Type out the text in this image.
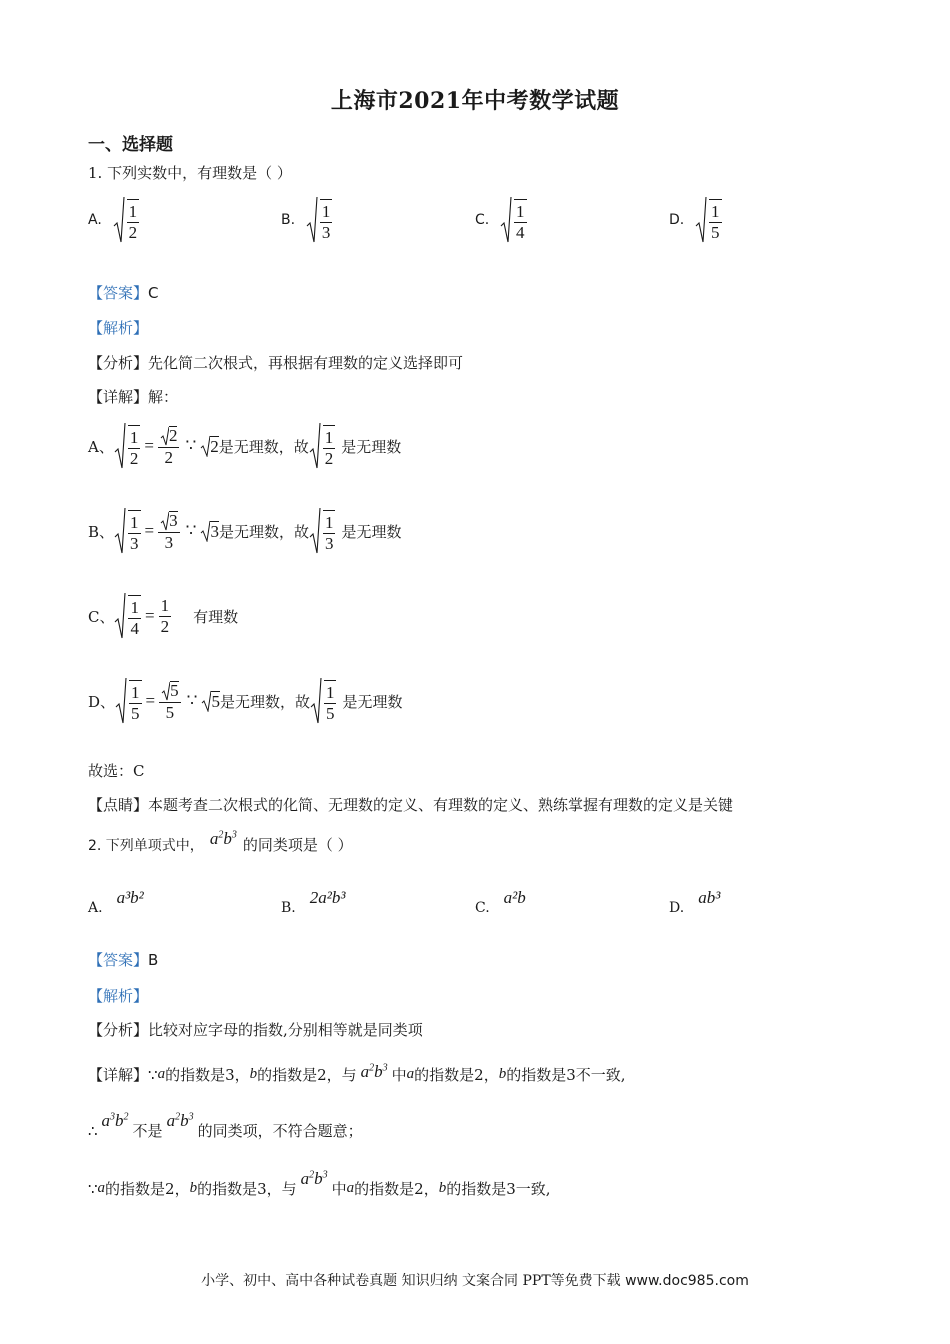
上海市2021年中考数学试题
一、选择题
1. 下列实数中，有理数是（ ）
A. $\frac{1}{2}$	B. $\frac{1}{3}$	C. $\frac{1}{4}$	D. $\frac{1}{5}$
【答案】C
【解析】
【分析】先化简二次根式，再根据有理数的定义选择即可
【详解】解：
A、 $\frac{1}{2} = \frac{2}{2}$ ∵ 2 是无理数，故 $\frac{1}{2}$ 是无理数
B、 $\frac{1}{3} = \frac{3}{3}$ ∵ 3 是无理数，故 $\frac{1}{3}$ 是无理数
C、 $\frac{1}{4} = \frac{1}{2}$ 有理数
D、 $\frac{1}{5} = \frac{5}{5}$ ∵ 5 是无理数，故 $\frac{1}{5}$ 是无理数
故选：C
【点睛】本题考查二次根式的化简、无理数的定义、有理数的定义、熟练掌握有理数的定义是关键
2. 下列单项式中， $a^2b^3$
的同类项是（ ）
A.
a³b²
B.
2a²b³
C.
a²b
D.
ab³
【答案】B
【解析】
【分析】比较对应字母的指数,分别相等就是同类项
【详解】 ∵ a 的指数是3， b 的指数是2，与 $a^2b^3$ 中 a 的指数是2， b 的指数是3不一致,
∴
$a^3b^2$
不是
$a^2b^3$
的同类项，不符合题意；
∵ a 的指数是2， b 的指数是3，与
$a^2b^3$
中 a 的指数是2， b 的指数是3一致,
小学、初中、高中各种试卷真题 知识归纳 文案合同 PPT等免费下载 www.doc985.com
